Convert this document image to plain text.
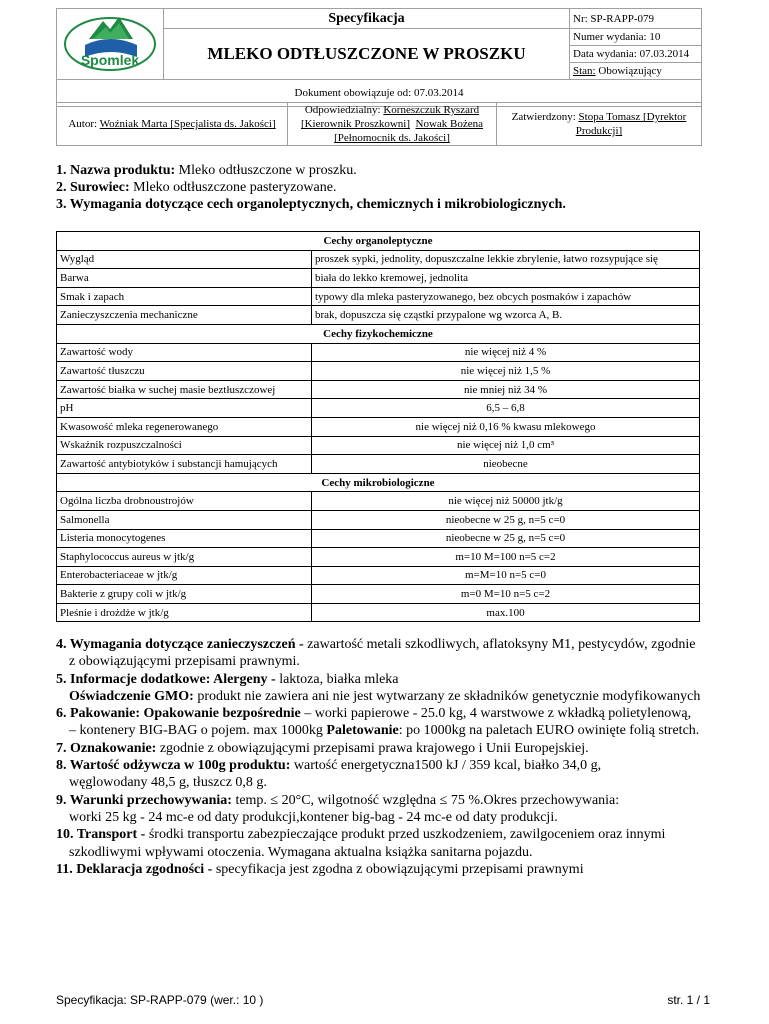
Spomlek	Specyfikacja	Nr: SP-RAPP-079
	MLEKO ODTŁUSZCZONE W PROSZKU	Numer wydania: 10
		Data wydania: 07.03.2014
		Stan: Obowiązujący
Dokument obowiązuje od: 07.03.2014		
Autor: Woźniak Marta [Specjalista ds. Jakości]	Odpowiedzialny: Korneszczuk Ryszard
[Kierownik Proszkowni] Nowak Bożena
[Pełnomocnik ds. Jakości]	Zatwierdzony: Stopa Tomasz [Dyrektor Produkcji]

1. Nazwa produktu: Mleko odtłuszczone w proszku.

2. Surowiec: Mleko odtłuszczone pasteryzowane.

3. Wymagania dotyczące cech organoleptycznych, chemicznych i mikrobiologicznych.

Cechy organoleptyczne	
Wygląd	proszek sypki, jednolity, dopuszczalne lekkie zbrylenie, łatwo rozsypujące się
Barwa	biała do lekko kremowej, jednolita
Smak i zapach	typowy dla mleka pasteryzowanego, bez obcych posmaków i zapachów
Zanieczyszczenia mechaniczne	brak, dopuszcza się cząstki przypalone wg wzorca A, B.
Cechy fizykochemiczne	
Zawartość wody	nie więcej niż 4 %
Zawartość tłuszczu	nie więcej niż 1,5 %
Zawartość białka w suchej masie beztłuszczowej	nie mniej niż 34 %
pH	6,5 – 6,8
Kwasowość mleka regenerowanego	nie więcej niż 0,16 % kwasu mlekowego
Wskaźnik rozpuszczalności	nie więcej niż 1,0 cm³
Zawartość antybiotyków i substancji hamujących	nieobecne
Cechy mikrobiologiczne	
Ogólna liczba drobnoustrojów	nie więcej niż 50000 jtk/g
Salmonella	nieobecne w 25 g, n=5 c=0
Listeria monocytogenes	nieobecne w 25 g, n=5 c=0
Staphylococcus aureus w jtk/g	m=10 M=100 n=5 c=2
Enterobacteriaceae w jtk/g	m=M=10 n=5 c=0
Bakterie z grupy coli w jtk/g	m=0 M=10 n=5 c=2
Pleśnie i drożdże w jtk/g	max.100

4. Wymagania dotyczące zanieczyszczeń - zawartość metali szkodliwych, aflatoksyny M1, pestycydów, zgodnie

z obowiązującymi przepisami prawnymi.

5. Informacje dodatkowe: Alergeny - laktoza, białka mleka

Oświadczenie GMO: produkt nie zawiera ani nie jest wytwarzany ze składników genetycznie modyfikowanych

6. Pakowanie: Opakowanie bezpośrednie – worki papierowe - 25.0 kg, 4 warstwowe z wkładką polietylenową,

– kontenery BIG-BAG o pojem. max 1000kg Paletowanie: po 1000kg na paletach EURO owinięte folią stretch.

7. Oznakowanie: zgodnie z obowiązującymi przepisami prawa krajowego i Unii Europejskiej.

8. Wartość odżywcza w 100g produktu: wartość energetyczna1500 kJ / 359 kcal, białko 34,0 g,

węglowodany 48,5 g, tłuszcz 0,8 g.

9. Warunki przechowywania: temp. ≤ 20°C, wilgotność względna ≤ 75 %.Okres przechowywania:

worki 25 kg - 24 mc-e od daty produkcji,kontener big-bag - 24 mc-e od daty produkcji.

10. Transport - środki transportu zabezpieczające produkt przed uszkodzeniem, zawilgoceniem oraz innymi

szkodliwymi wpływami otoczenia. Wymagana aktualna książka sanitarna pojazdu.

11. Deklaracja zgodności - specyfikacja jest zgodna z obowiązującymi przepisami prawnymi

Specyfikacja: SP-RAPP-079 (wer.: 10 )	str. 1 / 1
